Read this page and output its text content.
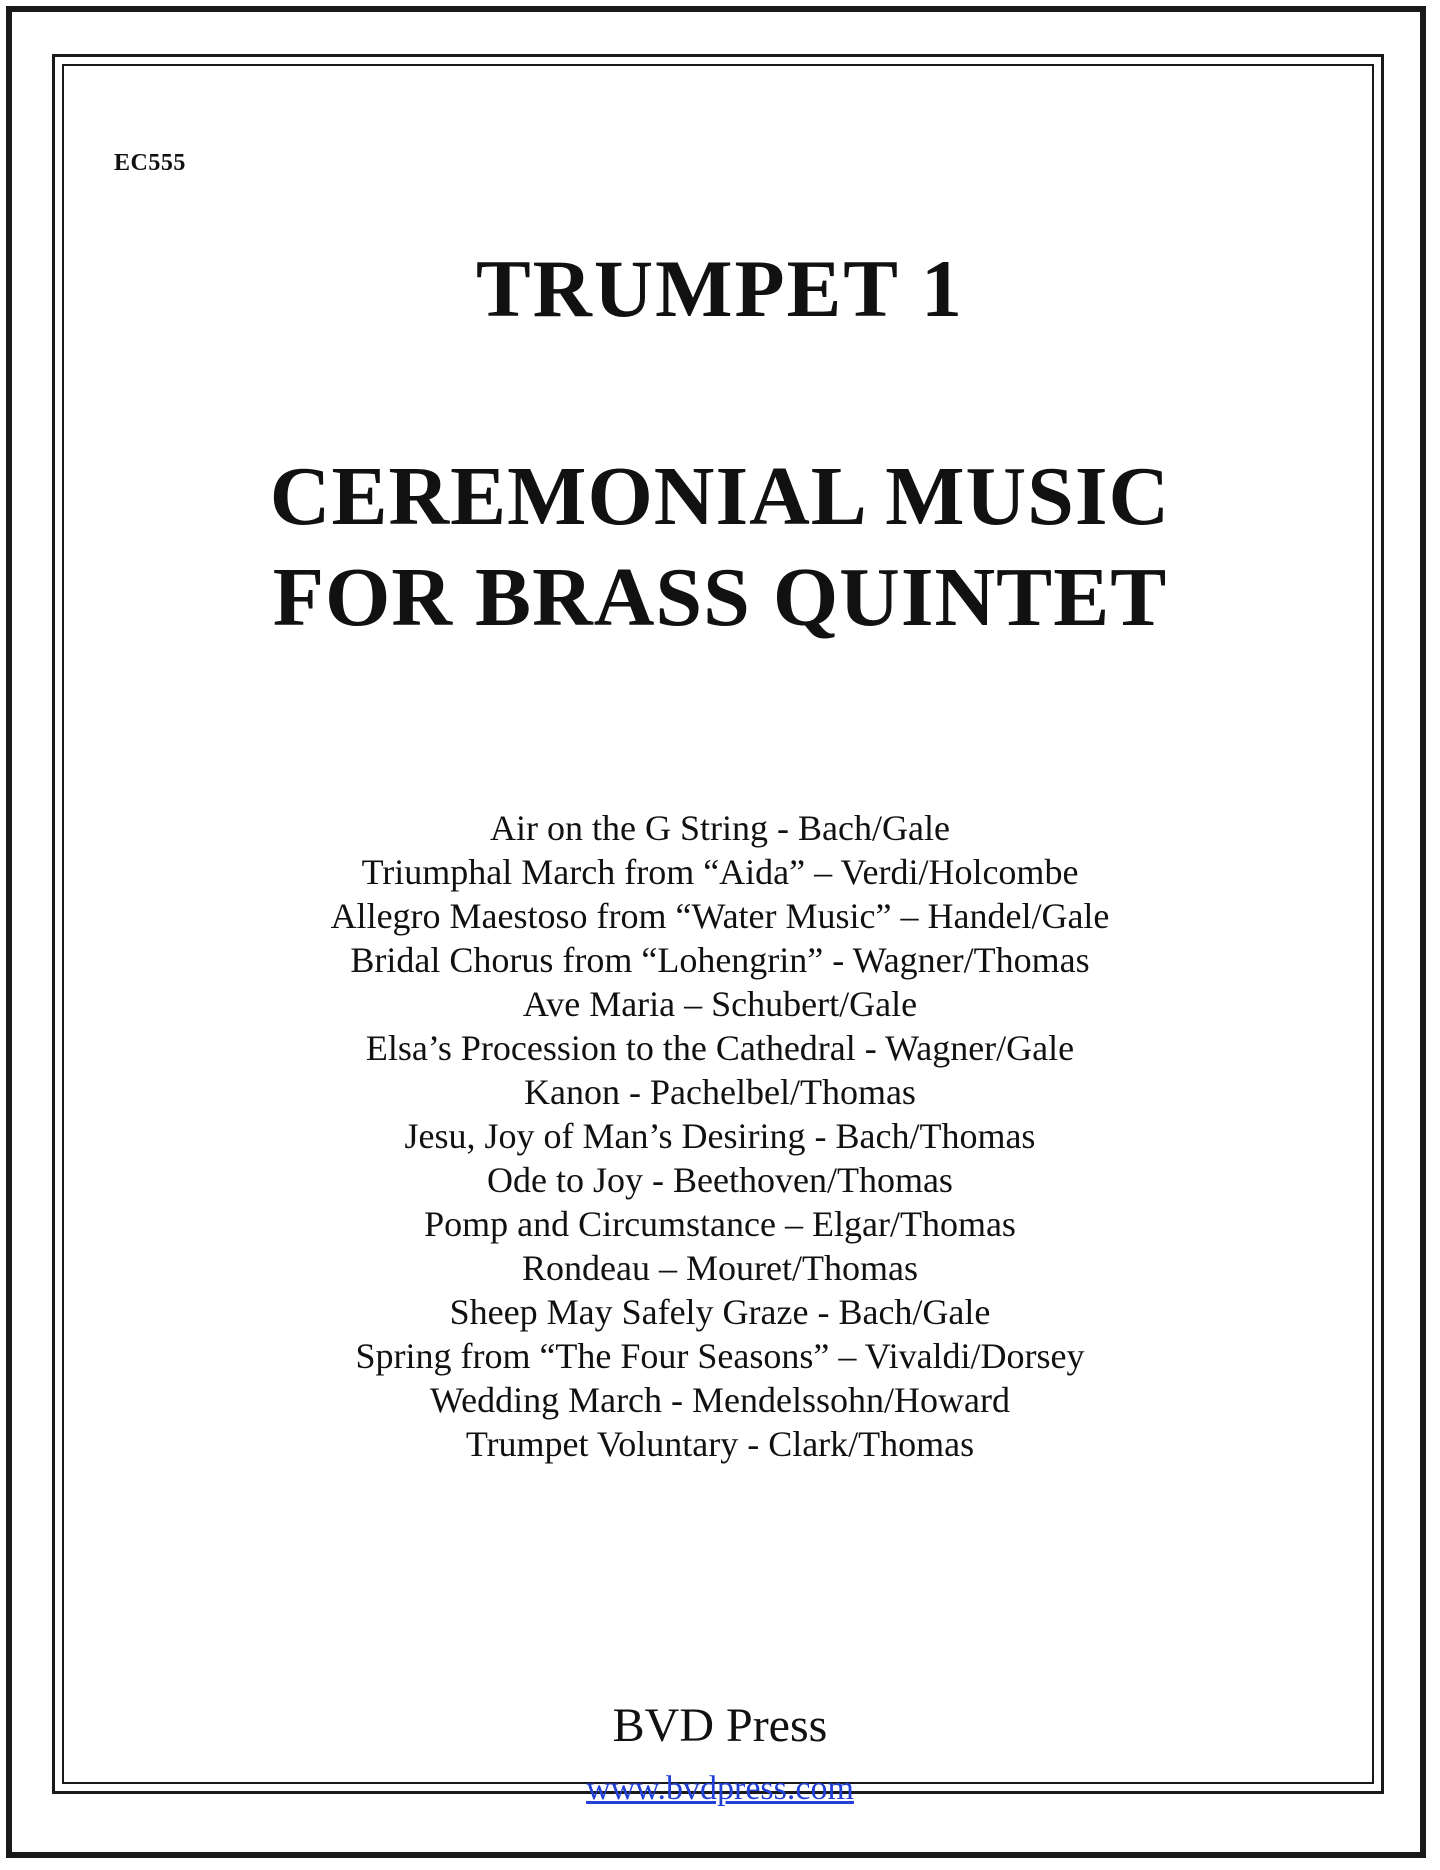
EC555
TRUMPET 1
CEREMONIAL MUSIC
FOR BRASS QUINTET
Air on the G String - Bach/Gale
Triumphal March from “Aida” – Verdi/Holcombe
Allegro Maestoso from “Water Music” – Handel/Gale
Bridal Chorus from “Lohengrin” - Wagner/Thomas
Ave Maria – Schubert/Gale
Elsa’s Procession to the Cathedral - Wagner/Gale
Kanon - Pachelbel/Thomas
Jesu, Joy of Man’s Desiring - Bach/Thomas
Ode to Joy - Beethoven/Thomas
Pomp and Circumstance – Elgar/Thomas
Rondeau – Mouret/Thomas
Sheep May Safely Graze - Bach/Gale
Spring from “The Four Seasons” – Vivaldi/Dorsey
Wedding March - Mendelssohn/Howard
Trumpet Voluntary - Clark/Thomas
BVD Press
www.bvdpress.com
